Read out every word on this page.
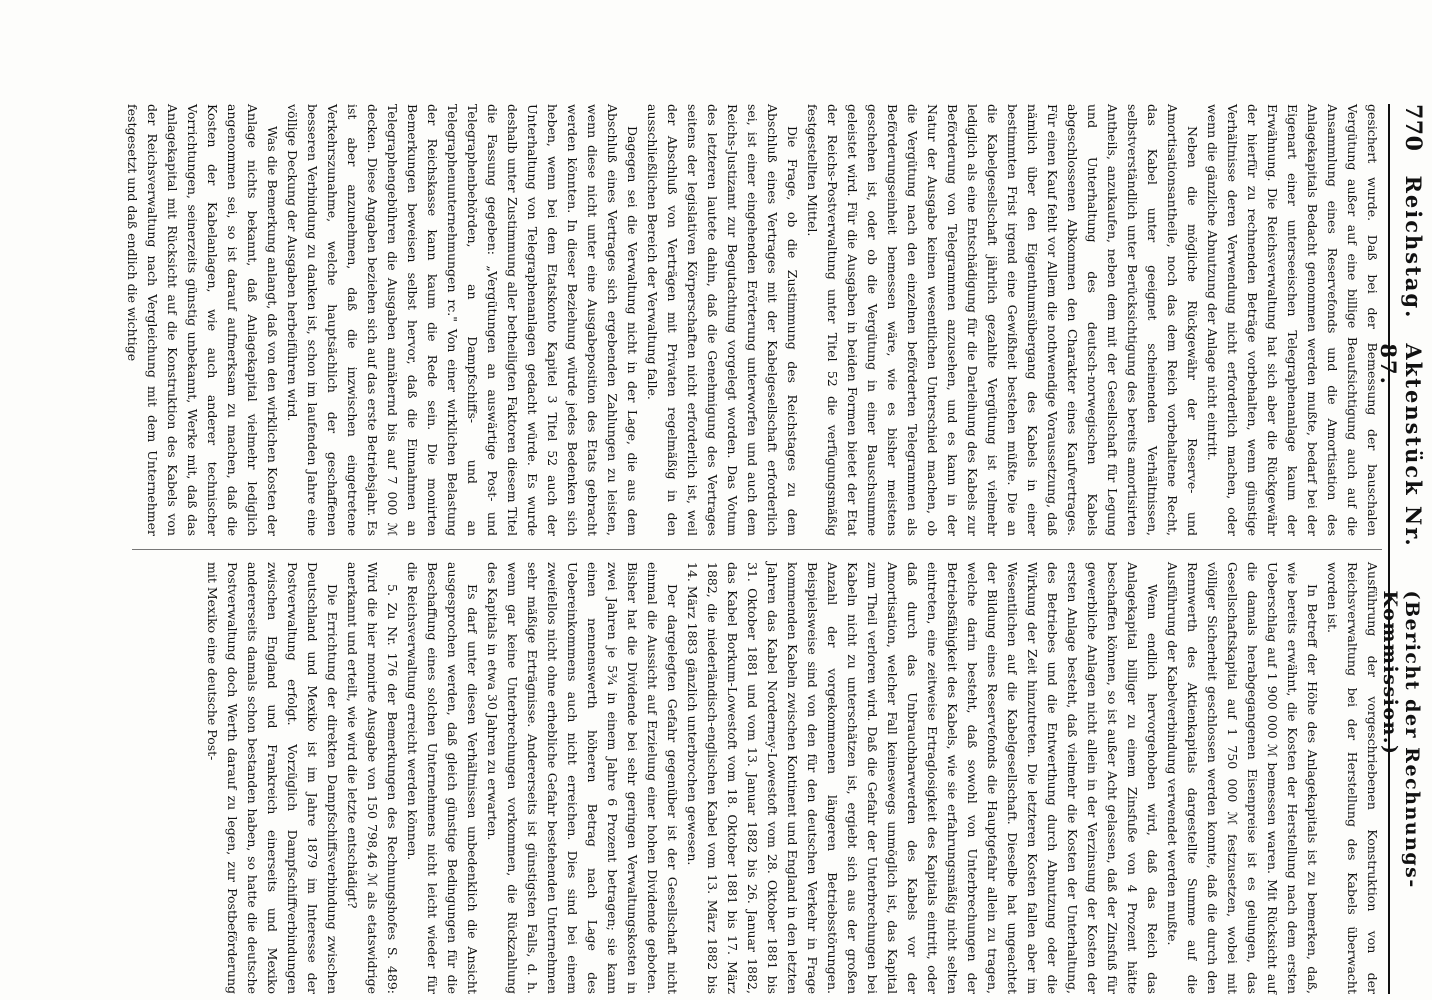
770
Reichstag.
Aktenstück Nr. 87.
(Bericht der Rechnungs-Kommission.)

gesichert wurde. Daß bei der Bemessung der bauschalen Vergütung außer auf eine billige Beaufsichtigung auch auf die Ansammlung eines Reservefonds und die Amortisation des Anlagekapitals Bedacht genommen werden mußte, bedarf bei der Eigenart einer unterseeischen Telegraphenanlage kaum der Erwähnung. Die Reichsverwaltung hat sich aber die Rückgewähr der hierfür zu rechnenden Beträge vorbehalten, wenn günstige Verhältnisse deren Verwendung nicht erforderlich machen, oder wenn die gänzliche Abnutzung der Anlage nicht eintritt.

Neben die mögliche Rückgewähr der Reserve- und Amortisationsantheile, noch das dem Reich vorbehaltene Recht, das Kabel unter geeignet scheinenden Verhältnissen, selbstverständlich unter Berücksichtigung des bereits amortisirten Antheils, anzukaufen, neben dem mit der Gesellschaft für Legung und Unterhaltung des deutsch-norwegischen Kabels abgeschlossenen Abkommen den Charakter eines Kaufvertrages. Für einen Kauf fehlt vor Allem die nothwendige Voraussetzung, daß nämlich über den Eigenthumsübergang des Kabels in einer bestimmten Frist irgend eine Gewißheit bestehen müßte. Die an die Kabelgesellschaft jährlich gezahlte Vergütung ist vielmehr lediglich als eine Entschädigung für die Darleihung des Kabels zur Beförderung von Telegrammen anzusehen, und es kann in der Natur der Ausgabe keinen wesentlichen Unterschied machen, ob die Vergütung nach den einzelnen beförderten Telegrammen als Beförderungseinheit bemessen wäre, wie es bisher meistens geschehen ist, oder ob die Vergütung in einer Bauschsumme geleistet wird. Für die Ausgaben in beiden Formen bietet der Etat der Reichs-Postverwaltung unter Titel 52 die verfügungsmäßig festgestellten Mittel.

Die Frage, ob die Zustimmung des Reichstages zu dem Abschluß eines Vertrages mit der Kabelgesellschaft erforderlich sei, ist einer eingehenden Erörterung unterworfen und auch dem Reichs-Justizamt zur Begutachtung vorgelegt worden. Das Votum des letzteren lautete dahin, daß die Genehmigung des Vertrages seitens der legislativen Körperschaften nicht erforderlich ist, weil der Abschluß von Verträgen mit Privaten regelmäßig in den ausschließlichen Bereich der Verwaltung falle.

Dagegen sei die Verwaltung nicht in der Lage, die aus dem Abschluß eines Vertrages sich ergebenden Zahlungen zu leisten, wenn diese nicht unter eine Ausgabeposition des Etats gebracht werden könnten. In dieser Beziehung würde jedes Bedenken sich heben, wenn bei dem Etatskonto Kapitel 3 Titel 52 auch der Unterhaltung von Telegraphenanlagen gedacht würde. Es wurde deshalb unter Zustimmung aller betheiligten Faktoren diesem Titel die Fassung gegeben: „Vergütungen an auswärtige Post- und Telegraphenbehörden, an Dampfschiffs- und an Telegraphenunternehmungen rc." Von einer wirklichen Belastung der Reichskasse kann kaum die Rede sein. Die monirten Bemerkungen beweisen selbst hervor, daß die Einnahmen an Telegraphengebühren die Ausgaben annähernd bis auf 7 000 ℳ decken. Diese Angaben beziehen sich auf das erste Betriebsjahr. Es ist aber anzunehmen, daß die inzwischen eingetretene Verkehrszunahme, welche hauptsächlich der geschaffenen besseren Verbindung zu danken ist, schon im laufenden Jahre eine völlige Deckung der Ausgaben herbeiführen wird.

Was die Bemerkung anlangt, daß von den wirklichen Kosten der Anlage nichts bekannt, daß Anlagekapital vielmehr lediglich angenommen sei, so ist darauf aufmerksam zu machen, daß die Kosten der Kabelanlagen, wie auch anderer technischer Vorrichtungen, seinerzeits günstig unbekannt, Werke mit, daß das Anlagekapital mit Rücksicht auf die Konstruktion des Kabels von der Reichsverwaltung nach Vergleichung mit dem Unternehmer festgesetzt und daß endlich die wichtige

Ausführung der vorgeschriebenen Konstruktion von der Reichsverwaltung bei der Herstellung des Kabels überwacht worden ist.

In Betreff der Höhe des Anlagekapitals ist zu bemerken, daß, wie bereits erwähnt, die Kosten der Herstellung nach dem ersten Ueberschlag auf 1 900 000 ℳ bemessen waren. Mit Rücksicht auf die damals herabgegangenen Eisenpreise ist es gelungen, das Gesellschaftskapital auf 1 750 000 ℳ festzusetzen, wobei mit völliger Sicherheit geschlossen werden konnte, daß die durch den Rennwerth des Aktienkapitals dargestellte Summe auf die Ausführung der Kabelverbindung verwendet werden mußte.

Wenn endlich hervorgehoben wird, daß das Reich das Anlagekapital billiger zu einem Zinsfuße von 4 Prozent hätte beschaffen können, so ist außer Acht gelassen, daß der Zinsfuß für gewerbliche Anlagen nicht allein in der Verzinsung der Kosten der ersten Anlage besteht, daß vielmehr die Kosten der Unterhaltung, des Betriebes und die Entwerthung durch Abnutzung oder die Wirkung der Zeit hinzutreten. Die letzteren Kosten fallen aber im Wesentlichen auf die Kabelgesellschaft. Dieselbe hat ungeachtet der Bildung eines Reservefonds die Hauptgefahr allein zu tragen, welche darin besteht, daß sowohl von Unterbrechungen der Betriebsfähigkeit des Kabels, wie sie erfahrungsmäßig nicht selten eintreten, eine zeitweise Ertraglosigkeit des Kapitals eintritt, oder daß durch das Unbrauchbarwerden des Kabels vor der Amortisation, welcher Fall keineswegs unmöglich ist, das Kapital zum Theil verloren wird. Daß die Gefahr der Unterbrechungen bei Kabeln nicht zu unterschätzen ist, ergiebt sich aus der großen Anzahl der vorgekommenen längeren Betriebsstörungen. Beispielsweise sind von den für den deutschen Verkehr in Frage kommenden Kabeln zwischen Kontinent und England in den letzten Jahren das Kabel Norderney-Lowestoft vom 28. Oktober 1881 bis 31. Oktober 1881 und vom 13. Januar 1882 bis 26. Januar 1882, das Kabel Borkum-Lowestoft vom 18. Oktober 1881 bis 17. März 1882, die niederländisch-englischen Kabel vom 13. März 1882 bis 14. März 1883 gänzlich unterbrochen gewesen.

Der dargelegten Gefahr gegenüber ist der Gesellschaft nicht einmal die Aussicht auf Erzielung einer hohen Dividende geboten. Bisher hat die Dividende bei sehr geringen Verwaltungskosten in zwei Jahren je 5¾ in einem Jahre 6 Prozent betragen; sie kann einen nennenswerth höheren Betrag nach Lage des Uebereinkommens auch nicht erreichen. Dies sind bei einem zweifellos nicht ohne erhebliche Gefahr bestehenden Unternehmen sehr mäßige Erträgnisse. Andererseits ist günstigsten Falls, d. h. wenn gar keine Unterbrechungen vorkommen, die Rückzahlung des Kapitals in etwa 30 Jahren zu erwarten.

Es darf unter diesen Verhältnissen unbedenklich die Ansicht ausgesprochen werden, daß gleich günstige Bedingungen für die Beschaffung eines solchen Unternehmens nicht leicht wieder für die Reichsverwaltung erreicht werden können.

5. Zu Nr. 176 der Bemerkungen des Rechnungshofes S. 489: Wird die hier monirte Ausgabe von 150 798,46 ℳ als etatswidrige anerkannt und erteilt, wie wird die letzte entschädigt?

Die Errichtung der direkten Dampfschiffsverbindung zwischen Deutschland und Mexiko ist im Jahre 1879 im Interesse der Postverwaltung erfolgt. Vorzüglich Dampfschiffverbindungen zwischen England und Frankreich einerseits und Mexiko andererseits damals schon bestanden haben, so hatte die deutsche Postverwaltung doch Werth darauf zu legen, zur Postbeförderung mit Mexiko eine deutsche Post-
